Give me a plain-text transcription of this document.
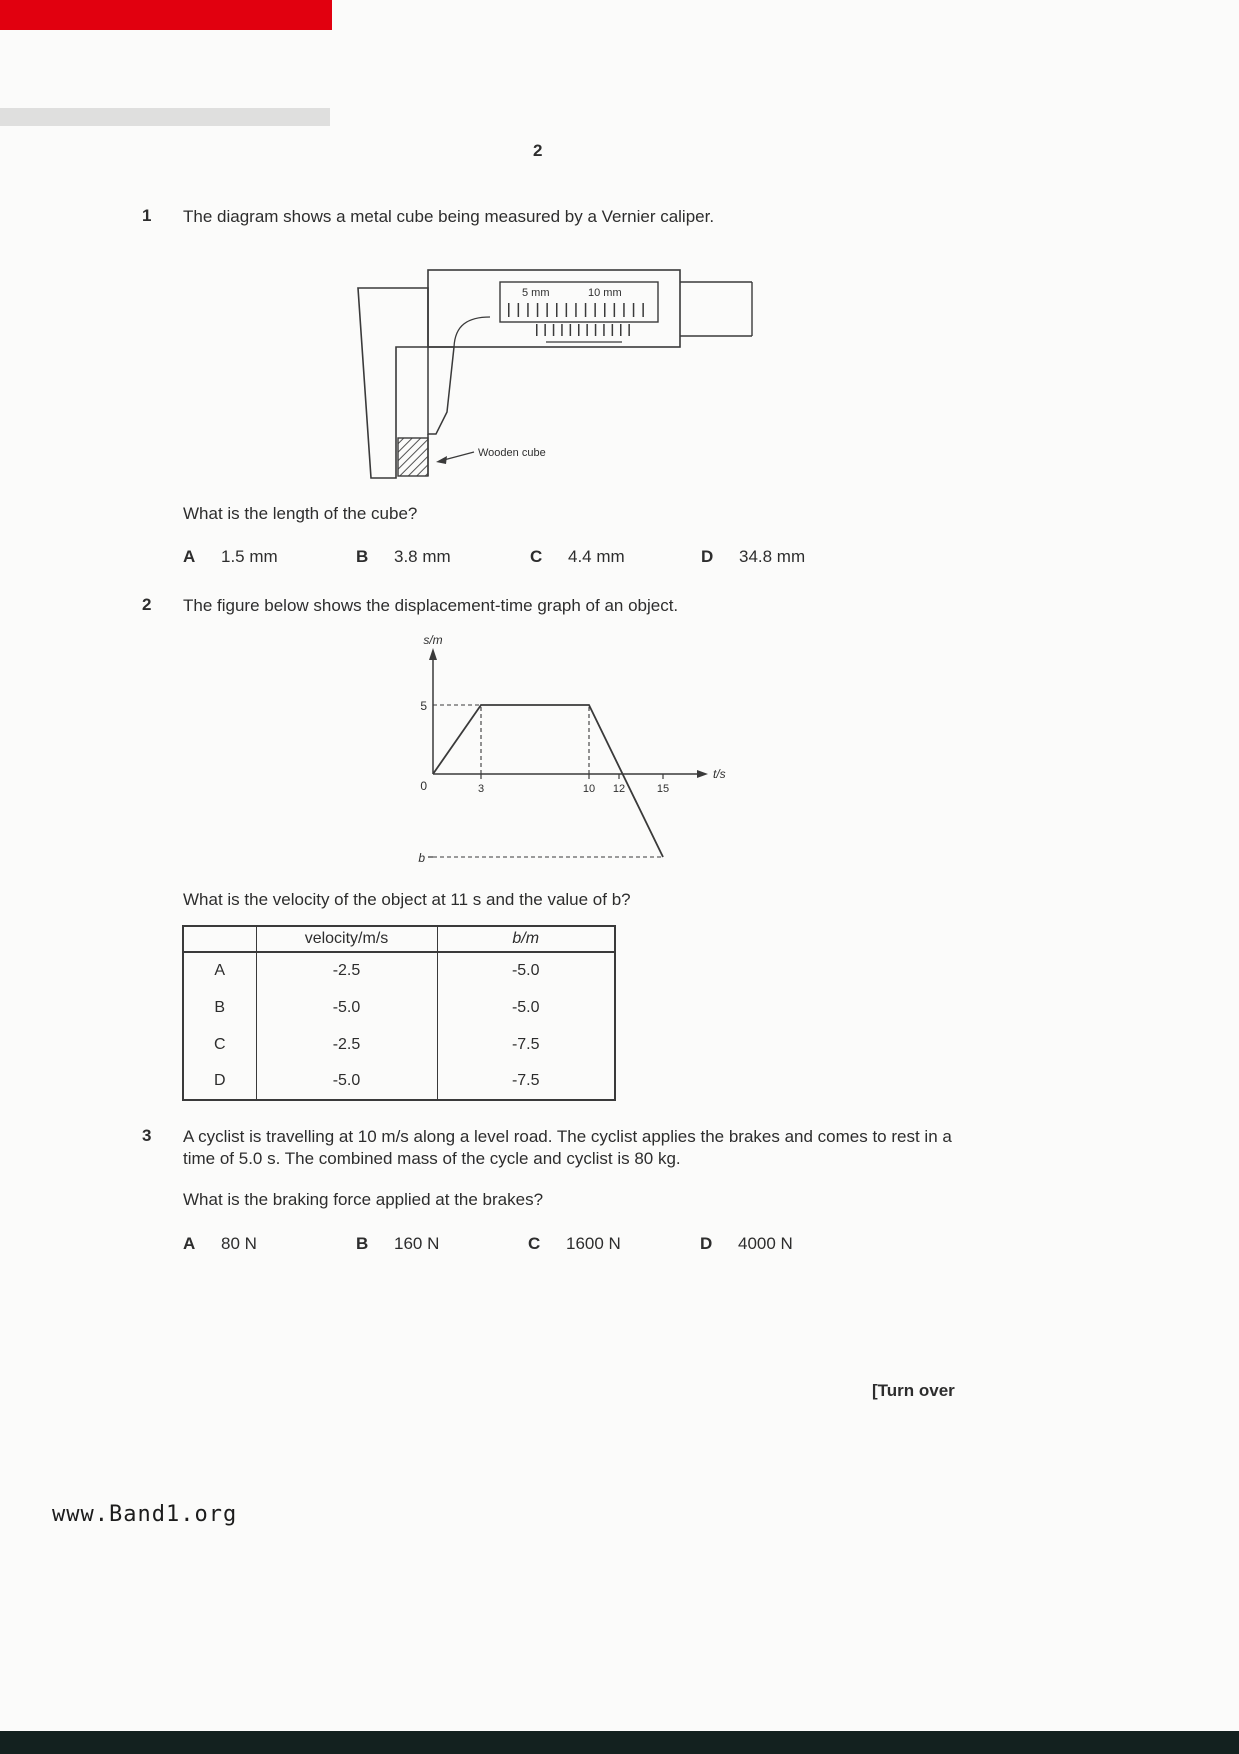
2
1 The diagram shows a metal cube being measured by a Vernier caliper.
5 mm	10 mm
Wooden cube
What is the length of the cube?
A 1.5 mm	B 3.8 mm	C 4.4 mm	D 34.8 mm
2 The figure below shows the displacement-time graph of an object.
s/m
t/s
0
5
b
3	10 12	15
What is the velocity of the object at 11 s and the value of b?
	velocity/m/s	b/m
A	-2.5	-5.0
B	-5.0	-5.0
C	-2.5	-7.5
D	-5.0	-7.5
3 A cyclist is travelling at 10 m/s along a level road. The cyclist applies the brakes and comes to rest in a time of 5.0 s. The combined mass of the cycle and cyclist is 80 kg.
What is the braking force applied at the brakes?
A 80 N	B 160 N	C 1600 N	D 4000 N
[Turn over
www.Band1.org
